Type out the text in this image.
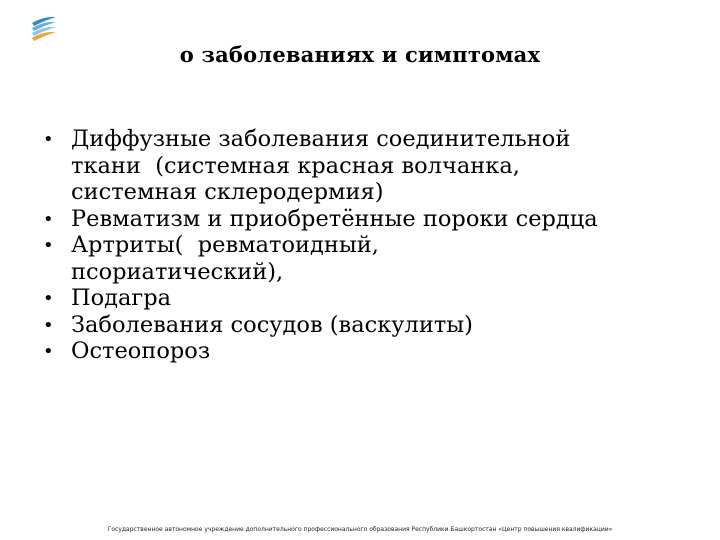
о заболеваниях и симптомах
• Диффузные заболевания соединительной
ткани  (системная красная волчанка,
системная склеродермия)
• Ревматизм и приобретённые пороки сердца
• Артриты(  ревматоидный,
псориатический),
• Подагра
• Заболевания сосудов (васкулиты)
• Остеопороз

Государственное автономное учреждение дополнительного профессионального образования Республики Башкортостан «Центр повышения квалификации»
